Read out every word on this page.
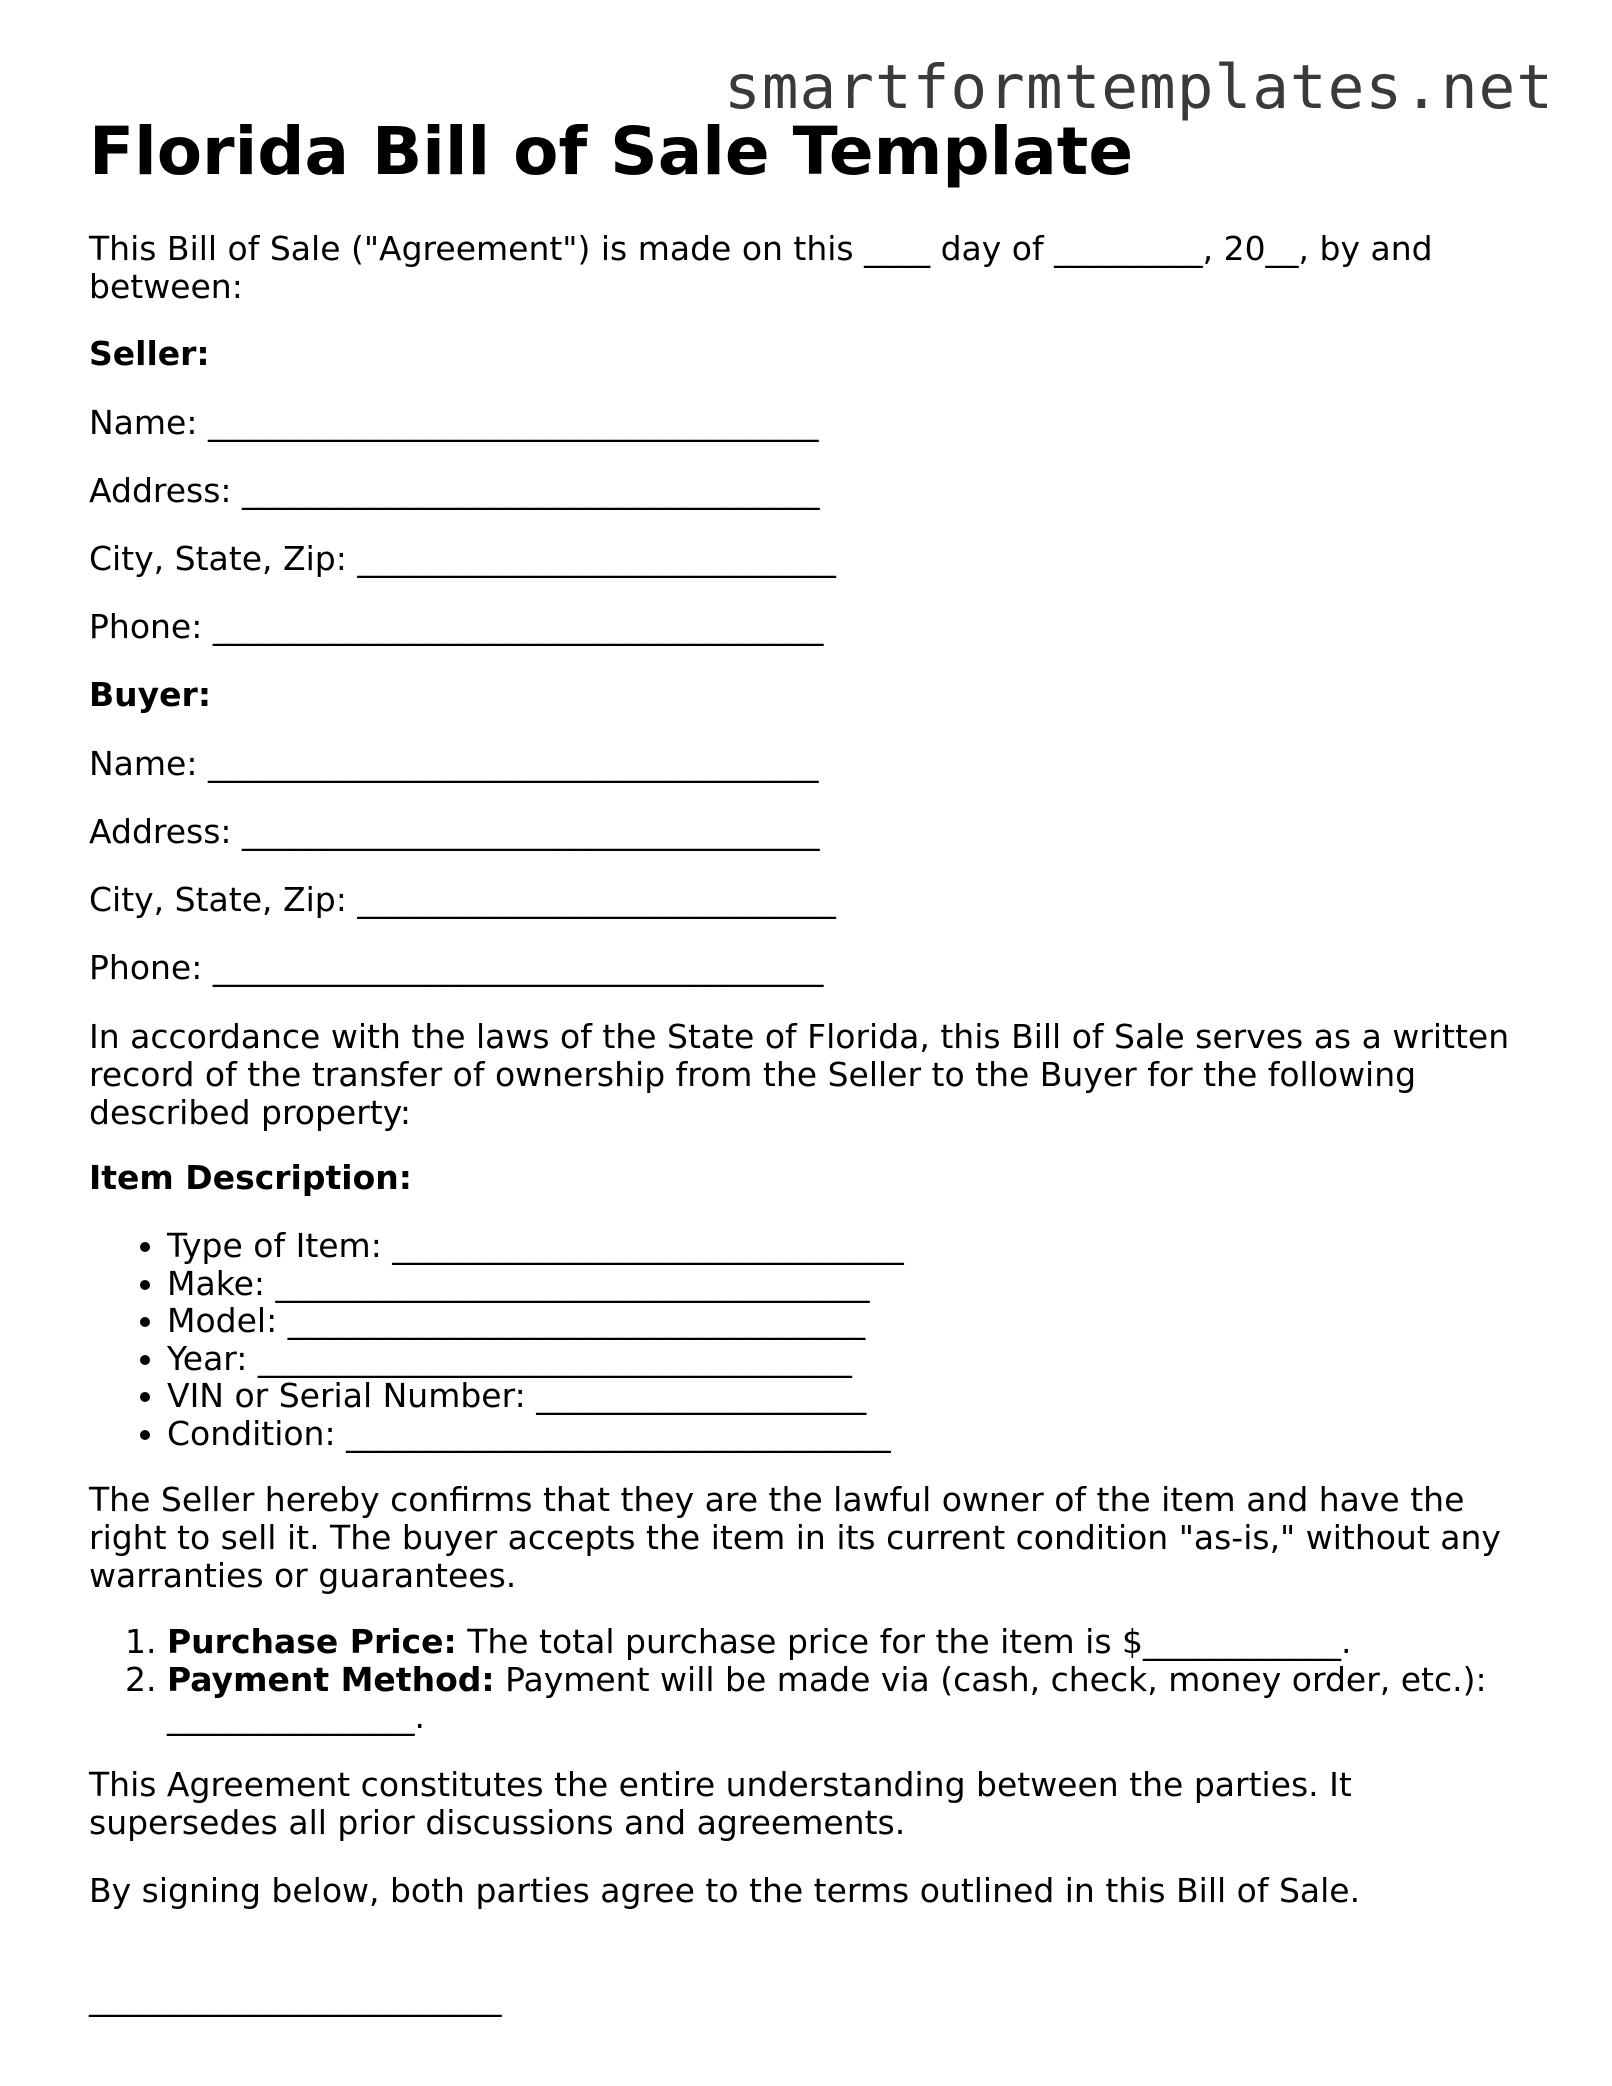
smartformtemplates.net
Florida Bill of Sale Template

This Bill of Sale ("Agreement") is made on this ____ day of _________, 20__, by and between:

Seller:
Name: _____________________________________
Address: ___________________________________
City, State, Zip: _____________________________
Phone: _____________________________________
Buyer:
Name: _____________________________________
Address: ___________________________________
City, State, Zip: _____________________________
Phone: _____________________________________

In accordance with the laws of the State of Florida, this Bill of Sale serves as a written record of the transfer of ownership from the Seller to the Buyer for the following described property:

Item Description:
• Type of Item: _______________________________
• Make: ____________________________________
• Model: ___________________________________
• Year: ____________________________________
• VIN or Serial Number: ____________________
• Condition: _________________________________

The Seller hereby confirms that they are the lawful owner of the item and have the right to sell it. The buyer accepts the item in its current condition "as-is," without any warranties or guarantees.

1. Purchase Price: The total purchase price for the item is $____________.
2. Payment Method: Payment will be made via (cash, check, money order, etc.): _______________.

This Agreement constitutes the entire understanding between the parties. It supersedes all prior discussions and agreements.

By signing below, both parties agree to the terms outlined in this Bill of Sale.

_________________________
